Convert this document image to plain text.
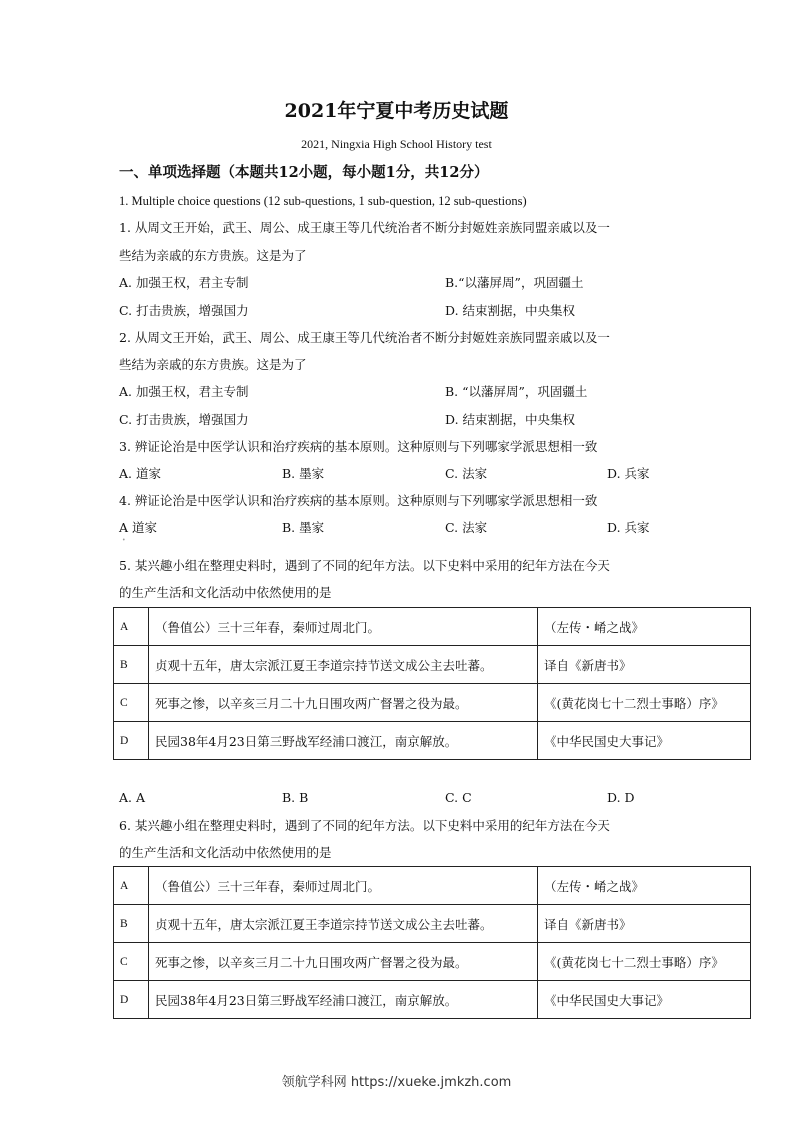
2021年宁夏中考历史试题
2021, Ningxia High School History test
一、单项选择题（本题共12小题，每小题1分，共12分）
1. Multiple choice questions (12 sub-questions, 1 sub-question, 12 sub-questions)
1. 从周文王开始，武王、周公、成王康王等几代统治者不断分封姬姓亲族同盟亲戚以及一
些结为亲戚的东方贵族。这是为了
A. 加强王权，君主专制	B.“以藩屏周”，巩固疆土
C. 打击贵族，增强国力	D. 结束割据，中央集权
2. 从周文王开始，武王、周公、成王康王等几代统治者不断分封姬姓亲族同盟亲戚以及一
些结为亲戚的东方贵族。这是为了
A. 加强王权，君主专制	B. “以藩屏周”，巩固疆土
C. 打击贵族，增强国力	D. 结束割据，中央集权
3. 辨证论治是中医学认识和治疗疾病的基本原则。这种原则与下列哪家学派思想相一致
A. 道家	B. 墨家	C. 法家	D. 兵家
4. 辨证论治是中医学认识和治疗疾病的基本原则。这种原则与下列哪家学派思想相一致
A 道家	B. 墨家	C. 法家	D. 兵家
•
5. 某兴趣小组在整理史料时，遇到了不同的纪年方法。以下史料中采用的纪年方法在今天
的生产生活和文化活动中依然使用的是
A	（鲁值公）三十三年春，秦师过周北门。	（左传・崤之战》
B	贞观十五年，唐太宗派江夏王李道宗持节送文成公主去吐蕃。	译自《新唐书》
C	死事之惨，以辛亥三月二十九日围攻两广督署之役为最。	《(黄花岗七十二烈士事略）序》
D	民园38年4月23日第三野战军经浦口渡江，南京解放。	《中华民国史大事记》
A. A	B. B	C. C	D. D
6. 某兴趣小组在整理史料时，遇到了不同的纪年方法。以下史料中采用的纪年方法在今天
的生产生活和文化活动中依然使用的是
A	（鲁值公）三十三年春，秦师过周北门。	（左传・崤之战》
B	贞观十五年，唐太宗派江夏王李道宗持节送文成公主去吐蕃。	译自《新唐书》
C	死事之惨，以辛亥三月二十九日围攻两广督署之役为最。	《(黄花岗七十二烈士事略）序》
D	民园38年4月23日第三野战军经浦口渡江，南京解放。	《中华民国史大事记》
领航学科网 https://xueke.jmkzh.com
